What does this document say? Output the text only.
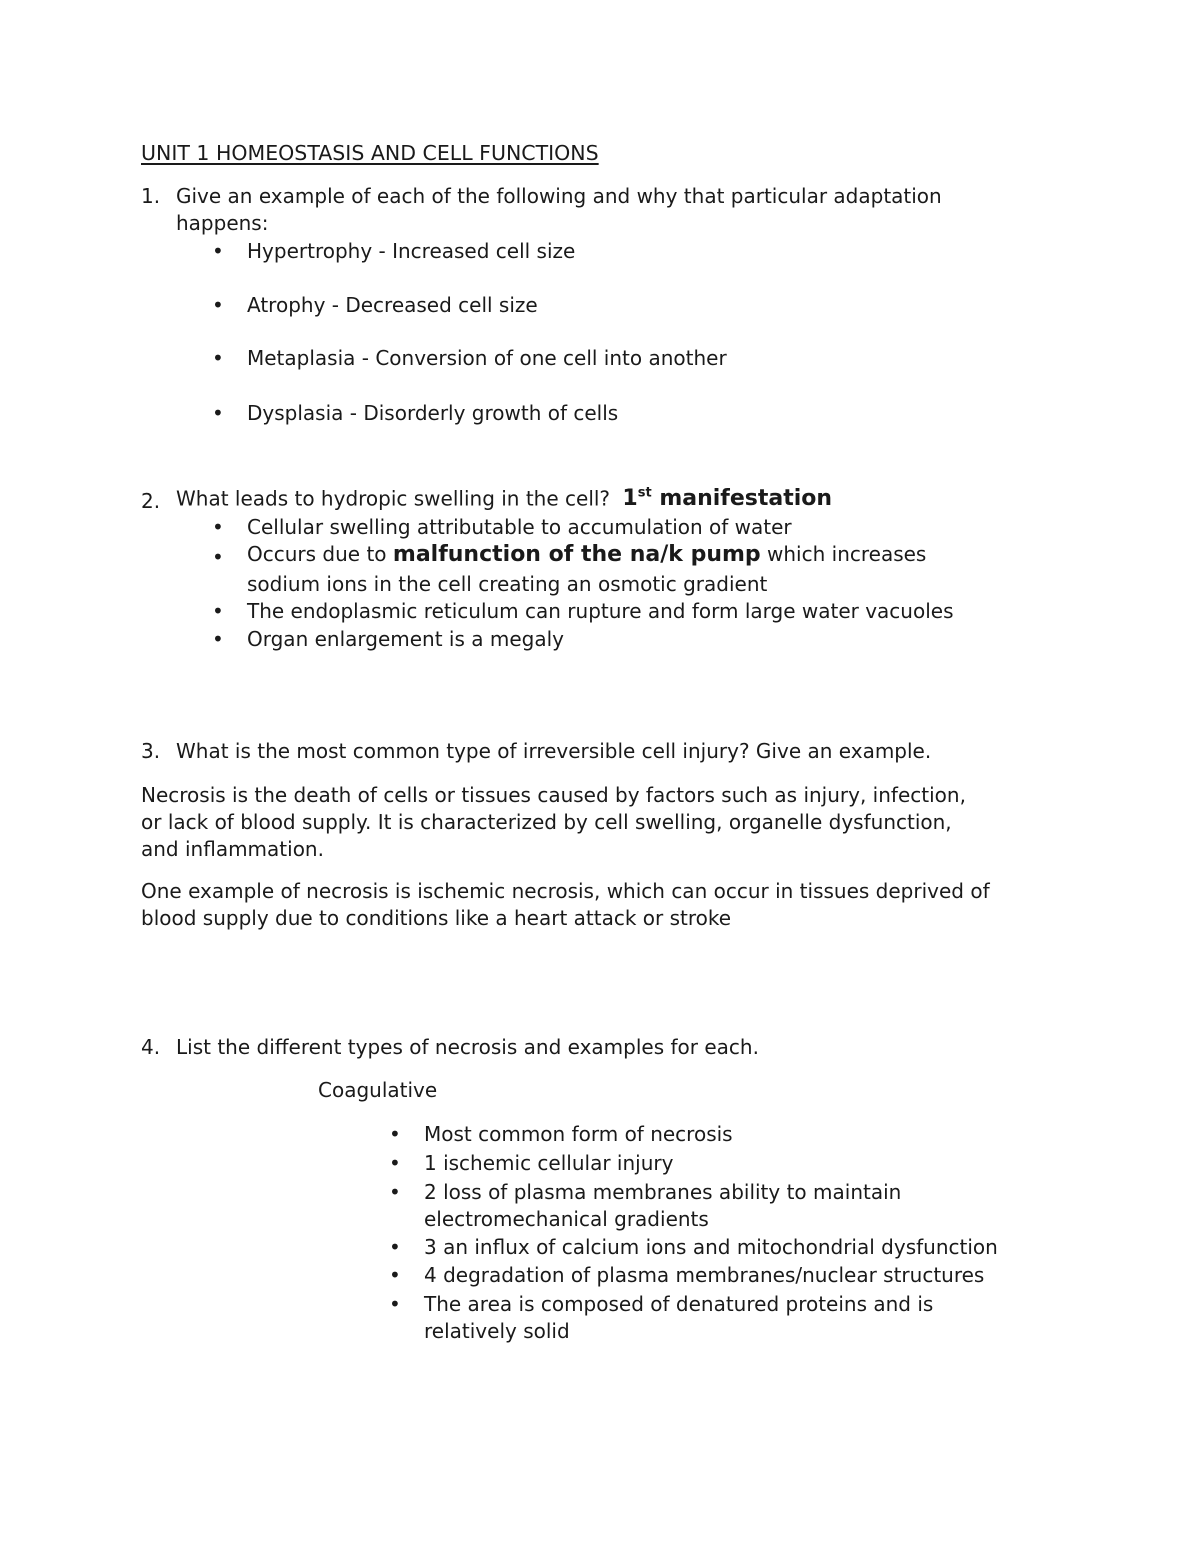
UNIT 1 HOMEOSTASIS AND CELL FUNCTIONS
1. Give an example of each of the following and why that particular adaptation
happens:
• Hypertrophy - Increased cell size
• Atrophy - Decreased cell size
• Metaplasia - Conversion of one cell into another
• Dysplasia - Disorderly growth of cells
2. What leads to hydropic swelling in the cell? 1st manifestation
• Cellular swelling attributable to accumulation of water
• Occurs due to malfunction of the na/k pump which increases
sodium ions in the cell creating an osmotic gradient
• The endoplasmic reticulum can rupture and form large water vacuoles
• Organ enlargement is a megaly
3. What is the most common type of irreversible cell injury? Give an example.
Necrosis is the death of cells or tissues caused by factors such as injury, infection,
or lack of blood supply. It is characterized by cell swelling, organelle dysfunction,
and inflammation.
One example of necrosis is ischemic necrosis, which can occur in tissues deprived of
blood supply due to conditions like a heart attack or stroke
4. List the different types of necrosis and examples for each.
Coagulative
• Most common form of necrosis
• 1 ischemic cellular injury
• 2 loss of plasma membranes ability to maintain
electromechanical gradients
• 3 an influx of calcium ions and mitochondrial dysfunction
• 4 degradation of plasma membranes/nuclear structures
• The area is composed of denatured proteins and is
relatively solid
